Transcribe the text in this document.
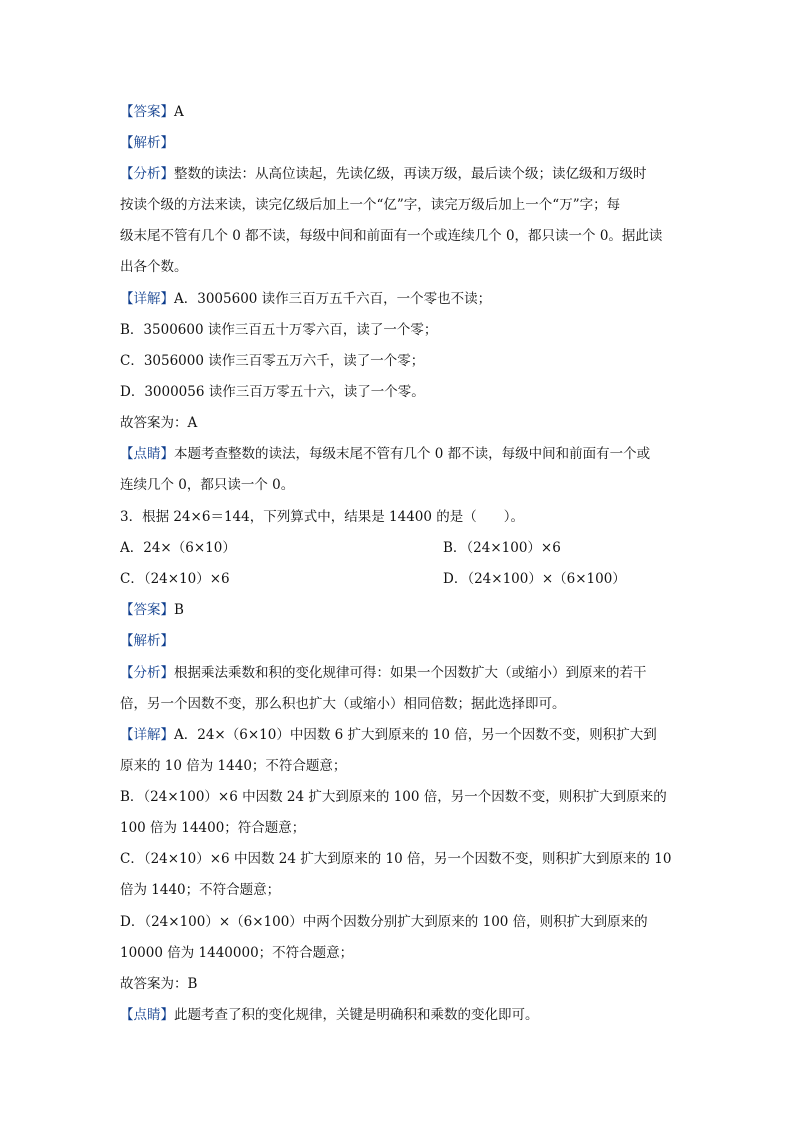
【答案】A
【解析】
【分析】整数的读法：从高位读起，先读亿级，再读万级，最后读个级；读亿级和万级时
按读个级的方法来读，读完亿级后加上一个“亿”字，读完万级后加上一个“万”字；每
级末尾不管有几个 0 都不读，每级中间和前面有一个或连续几个 0，都只读一个 0。据此读
出各个数。
【详解】A．3005600 读作三百万五千六百，一个零也不读；
B．3500600 读作三百五十万零六百，读了一个零；
C．3056000 读作三百零五万六千，读了一个零；
D．3000056 读作三百万零五十六，读了一个零。
故答案为：A
【点睛】本题考查整数的读法，每级末尾不管有几个 0 都不读，每级中间和前面有一个或
连续几个 0，都只读一个 0。
3．根据 24×6＝144，下列算式中，结果是 14400 的是（　　）。
A．24×（6×10）	B．（24×100）×6
C．（24×10）×6	D．（24×100）×（6×100）
【答案】B
【解析】
【分析】根据乘法乘数和积的变化规律可得：如果一个因数扩大（或缩小）到原来的若干
倍，另一个因数不变，那么积也扩大（或缩小）相同倍数；据此选择即可。
【详解】A．24×（6×10）中因数 6 扩大到原来的 10 倍，另一个因数不变，则积扩大到
原来的 10 倍为 1440；不符合题意；
B．（24×100）×6 中因数 24 扩大到原来的 100 倍，另一个因数不变，则积扩大到原来的
100 倍为 14400；符合题意；
C．（24×10）×6 中因数 24 扩大到原来的 10 倍，另一个因数不变，则积扩大到原来的 10
倍为 1440；不符合题意；
D．（24×100）×（6×100）中两个因数分别扩大到原来的 100 倍，则积扩大到原来的
10000 倍为 1440000；不符合题意；
故答案为：B
【点睛】此题考查了积的变化规律，关键是明确积和乘数的变化即可。
